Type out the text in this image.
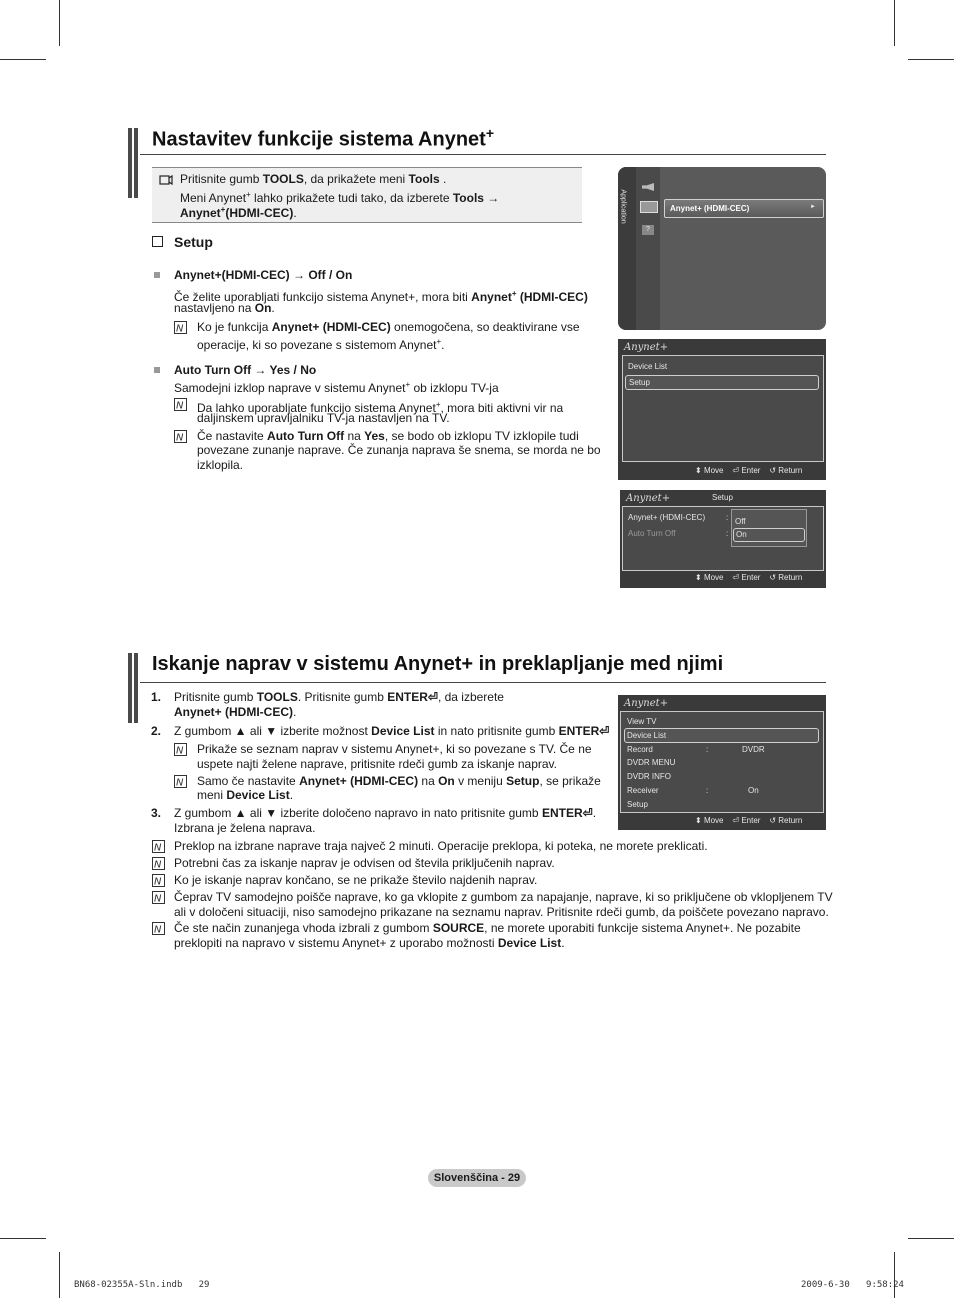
Nastavitev funkcije sistema Anynet+
Pritisnite gumb TOOLS, da prikažete meni Tools .
Meni Anynet+ lahko prikažete tudi tako, da izberete Tools →
Anynet+(HDMI-CEC).
Setup
Anynet+(HDMI-CEC) → Off / On
Če želite uporabljati funkcijo sistema Anynet+, mora biti Anynet+ (HDMI-CEC)
nastavljeno na On.
N Ko je funkcija Anynet+ (HDMI-CEC) onemogočena, so deaktivirane vse
operacije, ki so povezane s sistemom Anynet+.
Auto Turn Off → Yes / No
Samodejni izklop naprave v sistemu Anynet+ ob izklopu TV-ja
N Da lahko uporabljate funkcijo sistema Anynet+, mora biti aktivni vir na
daljinskem upravljalniku TV-ja nastavljen na TV.
N Če nastavite Auto Turn Off na Yes, se bodo ob izklopu TV izklopile tudi
povezane zunanje naprave. Če zunanja naprava še snema, se morda ne bo
izklopila.
Application
?
Anynet+ (HDMI-CEC)	►
Anynet+
Device List
Setup
⬍ Move ⏎ Enter ↺ Return
Anynet+	Setup
Anynet+ (HDMI-CEC)	:
Auto Turn Off	:
Off
On
⬍ Move ⏎ Enter ↺ Return
Iskanje naprav v sistemu Anynet+ in preklapljanje med njimi
1. Pritisnite gumb TOOLS. Pritisnite gumb ENTER⏎, da izberete
Anynet+ (HDMI-CEC).
2. Z gumbom ▲ ali ▼ izberite možnost Device List in nato pritisnite gumb ENTER⏎
N Prikaže se seznam naprav v sistemu Anynet+, ki so povezane s TV. Če ne
uspete najti želene naprave, pritisnite rdeči gumb za iskanje naprav.
N Samo če nastavite Anynet+ (HDMI-CEC) na On v meniju Setup, se prikaže
meni Device List.
3. Z gumbom ▲ ali ▼ izberite določeno napravo in nato pritisnite gumb ENTER⏎.
Izbrana je želena naprava.
N Preklop na izbrane naprave traja največ 2 minuti. Operacije preklopa, ki poteka, ne morete preklicati.
N Potrebni čas za iskanje naprav je odvisen od števila priključenih naprav.
N Ko je iskanje naprav končano, se ne prikaže število najdenih naprav.
N Čeprav TV samodejno poišče naprave, ko ga vklopite z gumbom za napajanje, naprave, ki so priključene ob vklopljenem TV
ali v določeni situaciji, niso samodejno prikazane na seznamu naprav. Pritisnite rdeči gumb, da poiščete povezano napravo.
N Če ste način zunanjega vhoda izbrali z gumbom SOURCE, ne morete uporabiti funkcije sistema Anynet+. Ne pozabite
preklopiti na napravo v sistemu Anynet+ z uporabo možnosti Device List.
Anynet+
View TV
Device List
Record	:	DVDR
DVDR MENU
DVDR INFO
Receiver	:	On
Setup
⬍ Move ⏎ Enter ↺ Return
Slovenščina - 29
BN68-02355A-Sln.indb   29	2009-6-30   9:58:24
